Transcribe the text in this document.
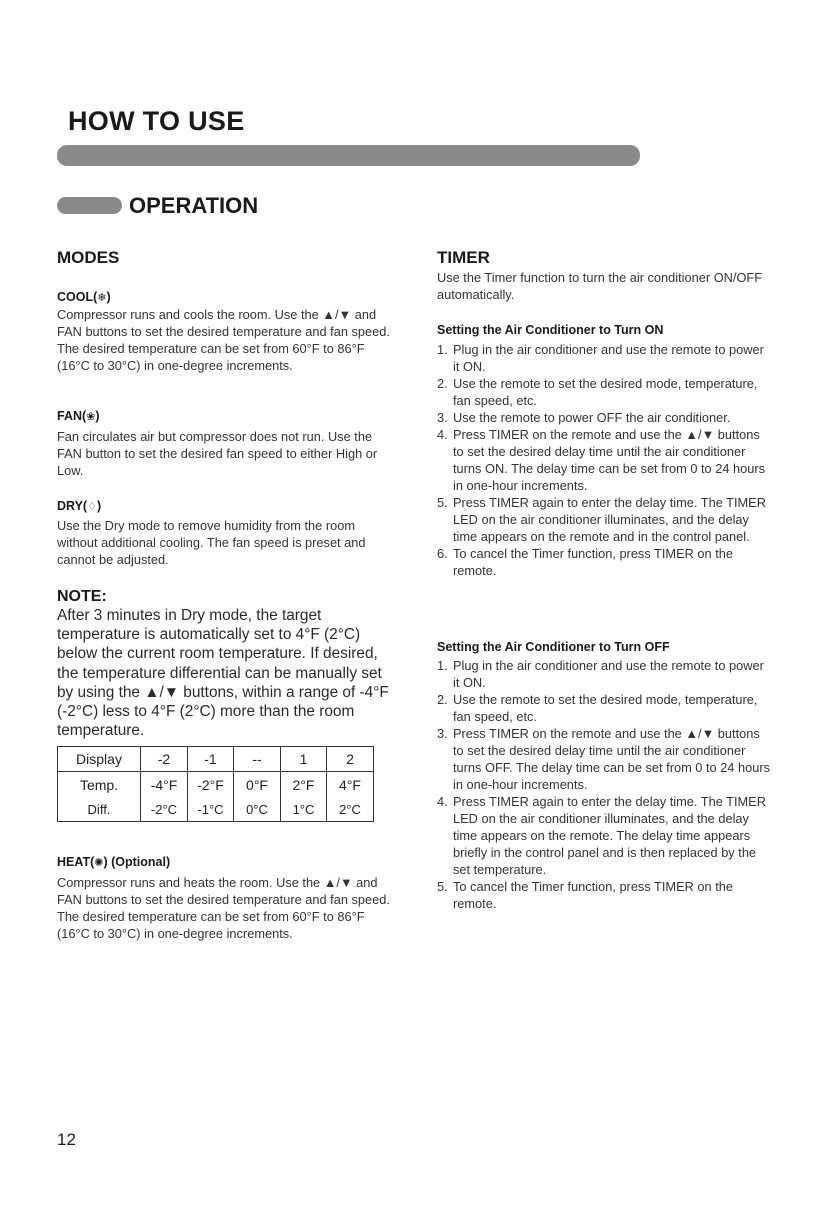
HOW TO USE
OPERATION
MODES
COOL(❄)
Compressor runs and cools the room. Use the ▲/▼ and FAN buttons to set the desired temperature and fan speed. The desired temperature can be set from 60°F to 86°F (16°C to 30°C) in one-degree increments.
FAN(❀)
Fan circulates air but compressor does not run. Use the FAN button to set the desired fan speed to either High or Low.
DRY(♢)
Use the Dry mode to remove humidity from the room without additional cooling. The fan speed is preset and cannot be adjusted.
NOTE:
After 3 minutes in Dry mode, the target temperature is automatically set to 4°F (2°C) below the current room temperature. If desired, the temperature differential can be manually set by using the ▲/▼ buttons, within a range of -4°F (-2°C) less to 4°F (2°C) more than the room temperature.
Display	-2	-1	--	1	2
Temp.	-4°F	-2°F	0°F	2°F	4°F
Diff.	-2°C	-1°C	0°C	1°C	2°C
HEAT(✺) (Optional)
Compressor runs and heats the room. Use the ▲/▼ and FAN buttons to set the desired temperature and fan speed. The desired temperature can be set from 60°F to 86°F (16°C to 30°C) in one-degree increments.
TIMER
Use the Timer function to turn the air conditioner ON/OFF automatically.
Setting the Air Conditioner to Turn ON
1. Plug in the air conditioner and use the remote to power it ON.
2. Use the remote to set the desired mode, temperature, fan speed, etc.
3. Use the remote to power OFF the air conditioner.
4. Press TIMER on the remote and use the ▲/▼ buttons to set the desired delay time until the air conditioner turns ON. The delay time can be set from 0 to 24 hours in one-hour increments.
5. Press TIMER again to enter the delay time. The TIMER LED on the air conditioner illuminates, and the delay time appears on the remote and in the control panel.
6. To cancel the Timer function, press TIMER on the remote.
Setting the Air Conditioner to Turn OFF
1. Plug in the air conditioner and use the remote to power it ON.
2. Use the remote to set the desired mode, temperature, fan speed, etc.
3. Press TIMER on the remote and use the ▲/▼ buttons to set the desired delay time until the air conditioner turns OFF. The delay time can be set from 0 to 24 hours in one-hour increments.
4. Press TIMER again to enter the delay time. The TIMER LED on the air conditioner illuminates, and the delay time appears on the remote. The delay time appears briefly in the control panel and is then replaced by the set temperature.
5. To cancel the Timer function, press TIMER on the remote.
12
